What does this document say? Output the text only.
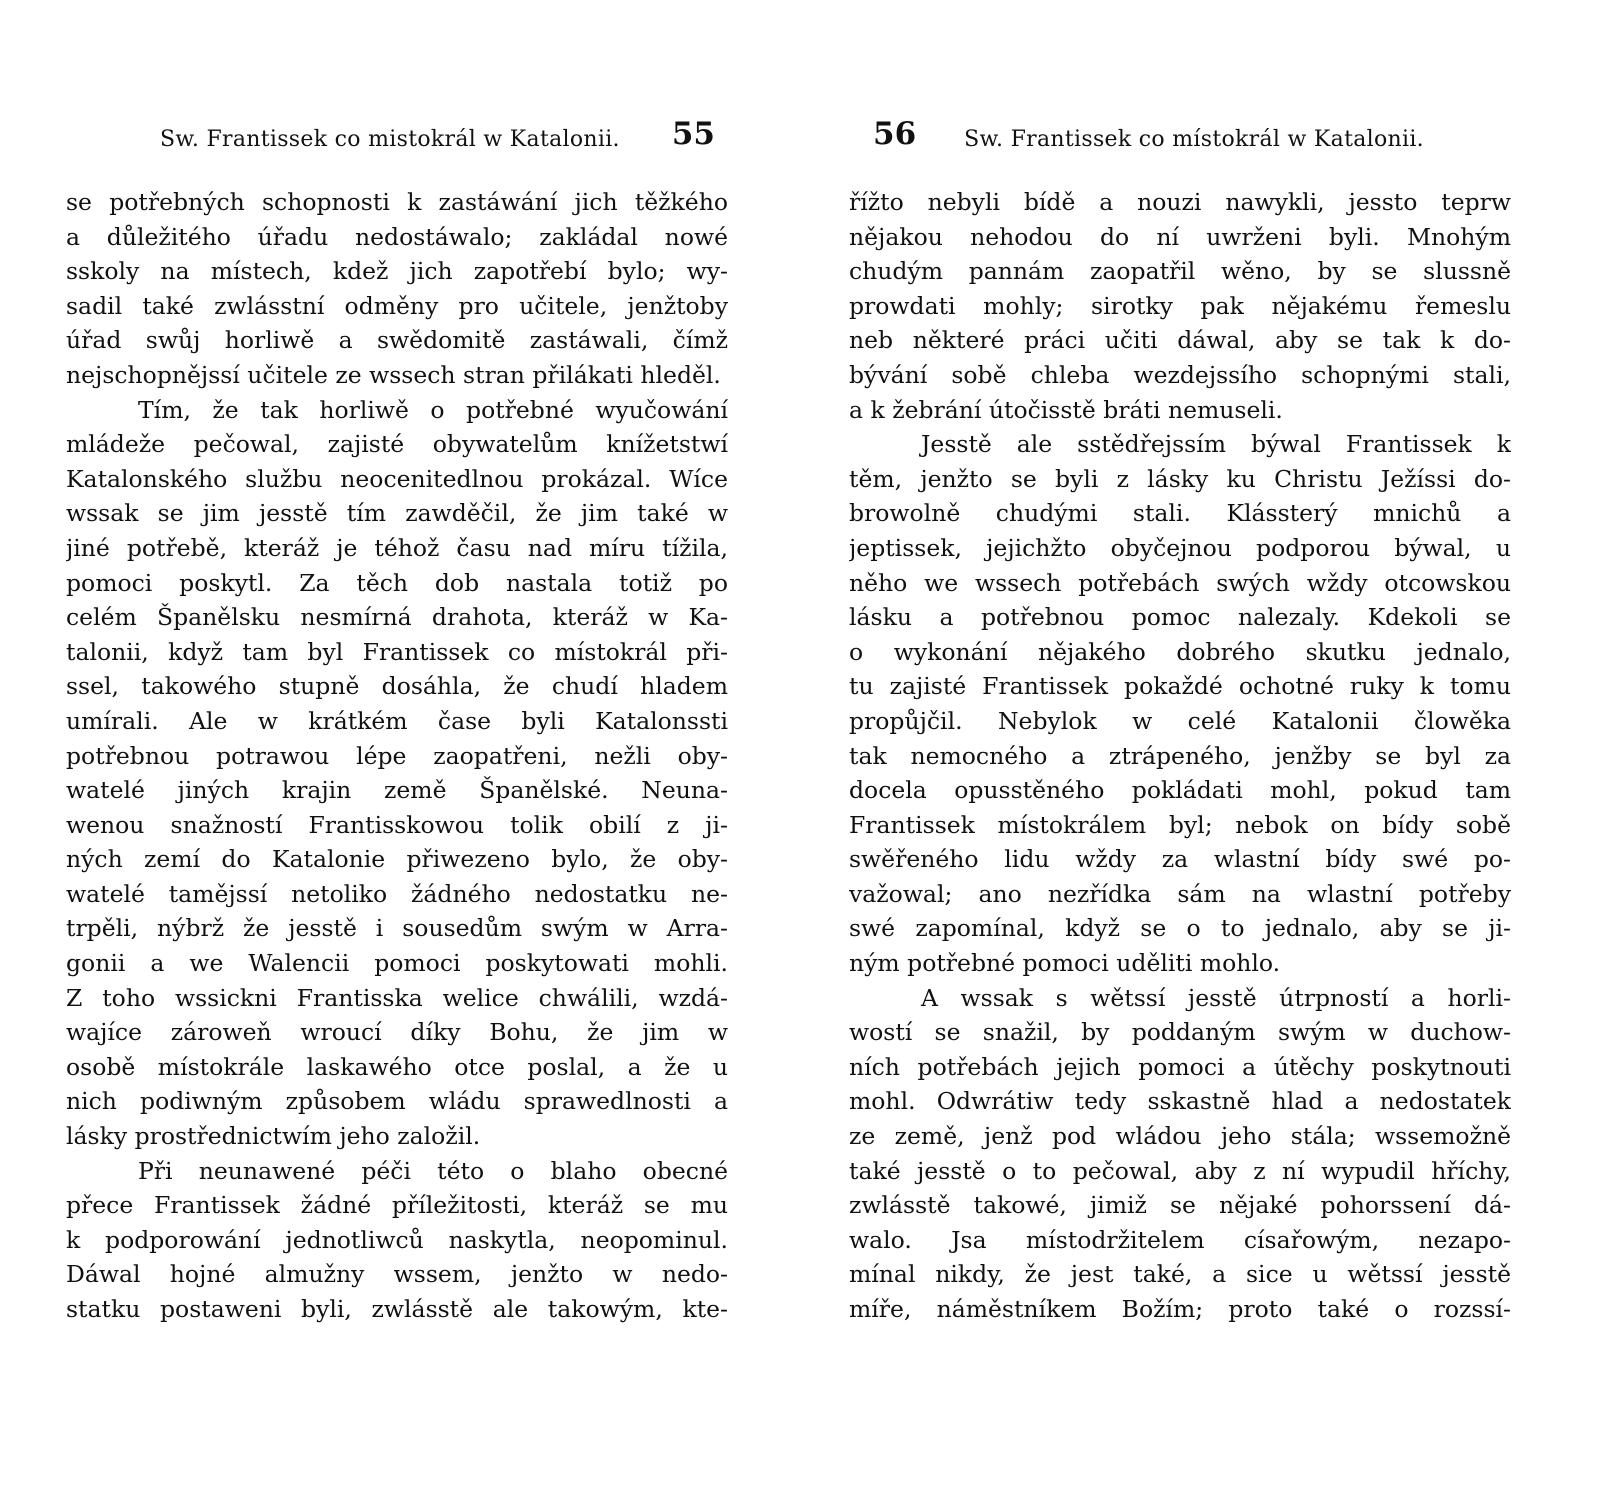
Sw. Frantissek co mistokrál w Katalonii. 55
se potřebných schopnosti k zastáwání jich těžkého
a důležitého úřadu nedostáwalo; zakládal nowé
sskoly na místech, kdež jich zapotřebí bylo; wy-
sadil také zwlásstní odměny pro učitele, jenžtoby
úřad swůj horliwě a swědomitě zastáwali, čímž
nejschopnějssí učitele ze wssech stran přilákati hleděl.
Tím, že tak horliwě o potřebné wyučowání
mládeže pečowal, zajisté obywatelům knížetstwí
Katalonského službu neocenitedlnou prokázal. Wíce
wssak se jim jesstě tím zawděčil, že jim také w
jiné potřebě, kteráž je téhož času nad míru tížila,
pomoci poskytl. Za těch dob nastala totiž po
celém Španělsku nesmírná drahota, kteráž w Ka-
talonii, když tam byl Frantissek co místokrál při-
ssel, takowého stupně dosáhla, že chudí hladem
umírali. Ale w krátkém čase byli Katalonssti
potřebnou potrawou lépe zaopatřeni, nežli oby-
watelé jiných krajin země Španělské. Neuna-
wenou snažností Frantisskowou tolik obilí z ji-
ných zemí do Katalonie přiwezeno bylo, že oby-
watelé tamějssí netoliko žádného nedostatku ne-
trpěli, nýbrž že jesstě i sousedům swým w Arra-
gonii a we Walencii pomoci poskytowati mohli.
Z toho wssickni Frantisska welice chwálili, wzdá-
wajíce zároweň wroucí díky Bohu, že jim w
osobě místokrále laskawého otce poslal, a že u
nich podiwným způsobem wládu sprawedlnosti a
lásky prostřednictwím jeho založil.
Při neunawené péči této o blaho obecné
přece Frantissek žádné příležitosti, kteráž se mu
k podporowání jednotliwců naskytla, neopominul.
Dáwal hojné almužny wssem, jenžto w nedo-
statku postaweni byli, zwlásstě ale takowým, kte-
56 Sw. Frantissek co místokrál w Katalonii.
řížto nebyli bídě a nouzi nawykli, jessto teprw
nějakou nehodou do ní uwrženi byli. Mnohým
chudým pannám zaopatřil wěno, by se slussně
prowdati mohly; sirotky pak nějakému řemeslu
neb některé práci učiti dáwal, aby se tak k do-
bývání sobě chleba wezdejssího schopnými stali,
a k žebrání útočisstě bráti nemuseli.
Jesstě ale sstědřejssím býwal Frantissek k
těm, jenžto se byli z lásky ku Christu Ježíssi do-
browolně chudými stali. Klássterý mnichů a
jeptissek, jejichžto obyčejnou podporou býwal, u
něho we wssech potřebách swých wždy otcowskou
lásku a potřebnou pomoc nalezaly. Kdekoli se
o wykonání nějakého dobrého skutku jednalo,
tu zajisté Frantissek pokaždé ochotné ruky k tomu
propůjčil. Nebylok w celé Katalonii člowěka
tak nemocného a ztrápeného, jenžby se byl za
docela opusstěného pokládati mohl, pokud tam
Frantissek místokrálem byl; nebok on bídy sobě
swěřeného lidu wždy za wlastní bídy swé po-
važowal; ano nezřídka sám na wlastní potřeby
swé zapomínal, když se o to jednalo, aby se ji-
ným potřebné pomoci uděliti mohlo.
A wssak s wětssí jesstě útrpností a horli-
wostí se snažil, by poddaným swým w duchow-
ních potřebách jejich pomoci a útěchy poskytnouti
mohl. Odwrátiw tedy sskastně hlad a nedostatek
ze země, jenž pod wládou jeho stála; wssemožně
také jesstě o to pečowal, aby z ní wypudil hříchy,
zwlásstě takowé, jimiž se nějaké pohorssení dá-
walo. Jsa místodržitelem císařowým, nezapo-
mínal nikdy, že jest také, a sice u wětssí jesstě
míře, náměstníkem Božím; proto také o rozssí-
